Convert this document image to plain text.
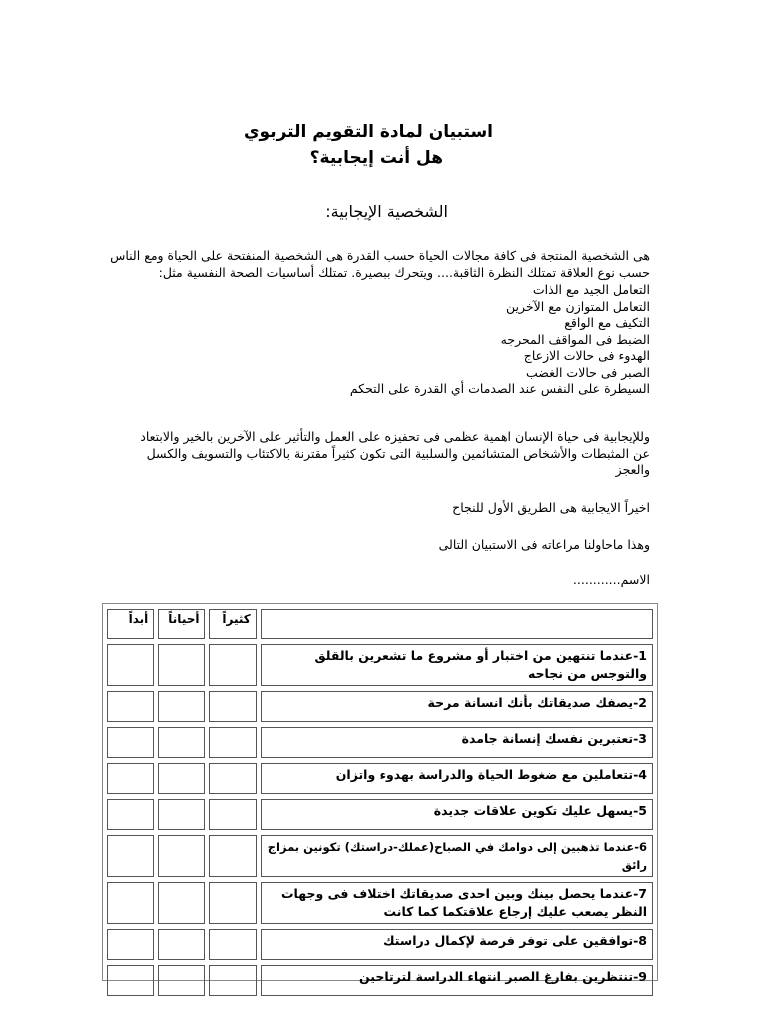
استبيان لمادة التقويم التربوي
هل أنت إيجابية؟
الشخصية الإيجابية:
هى الشخصية المنتجة فى كافة مجالات الحياة حسب القدرة هى الشخصية المنفتحة على الحياة ومع الناس
حسب نوع العلاقة تمتلك النظرة الثاقبة.... ويتحرك ببصيرة. تمتلك أساسيات الصحة النفسية مثل:
التعامل الجيد مع الذات
التعامل المتوازن مع الآخرين
التكيف مع الواقع
الضبط فى المواقف المحرجه
الهدوء فى حالات الازعاج
الصبر فى حالات الغضب
السيطرة على النفس عند الصدمات أي القدرة على التحكم
وللإيجابية فى حياة الإنسان اهمية عظمى فى تحفيزه على العمل والتأثير على الآخرين بالخير والابتعاد
عن المثبطات والأشخاص المتشائمين والسلبية التى تكون كثيراً مقترنة بالاكتئاب والتسويف والكسل
والعجز
اخيراً الايجابية هى الطريق الأول للنجاح
وهذا ماحاولنا مراعاته فى الاستبيان التالى
الاسم............
	كثيراً	أحياناً	أبداً
1-عندما تنتهين من اختبار أو مشروع ما تشعرين بالقلق والتوجس من نجاحه			
2-يصفك صديقاتك بأنك انسانة مرحة			
3-تعتبرين نفسك إنسانة جامدة			
4-تتعاملين مع ضغوط الحياة والدراسة بهدوء واتزان			
5-يسهل عليك تكوين علاقات جديدة			
6-عندما تذهبين إلى دوامك في الصباح(عملك-دراستك) تكونين بمزاج رائق			
7-عندما يحصل بينك وبين احدى صديقاتك اختلاف فى وجهات النظر يصعب عليك إرجاع علاقتكما كما كانت			
8-توافقين على توفر فرصة لإكمال دراستك			
9-تنتظرين بفارغ الصبر انتهاء الدراسة لترتاحين			
